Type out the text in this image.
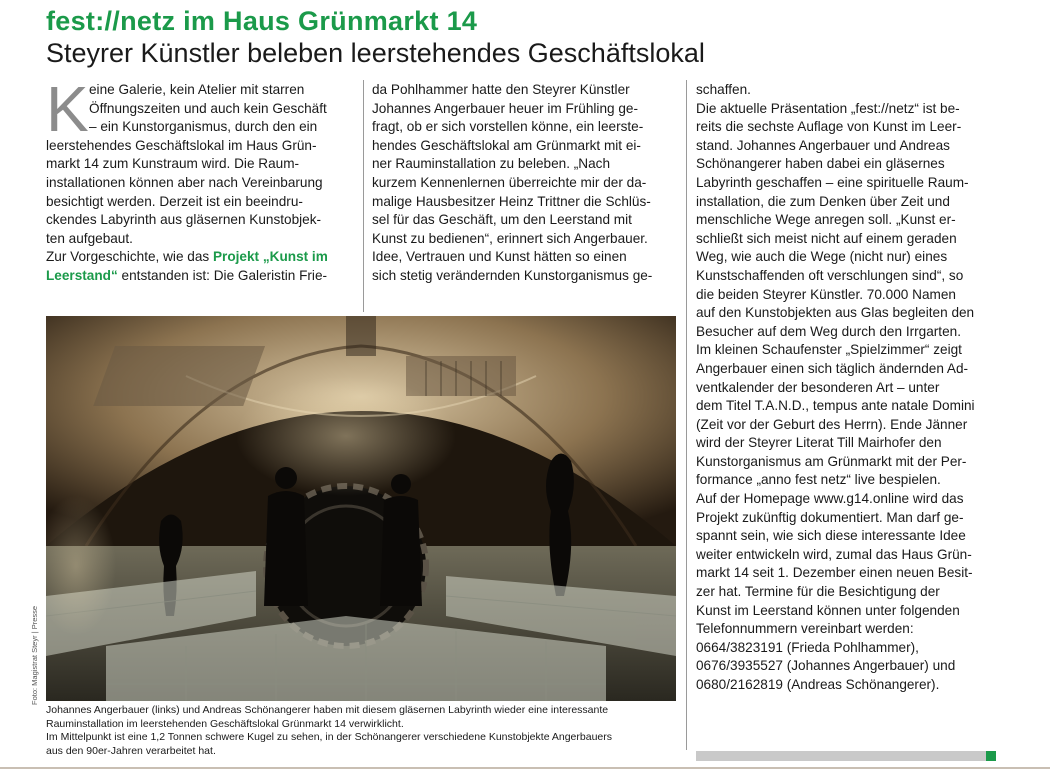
fest://netz im Haus Grünmarkt 14
Steyrer Künstler beleben leerstehendes Geschäftslokal
K eine Galerie, kein Atelier mit starren
Öffnungszeiten und auch kein Geschäft
– ein Kunstorganismus, durch den ein
leerstehendes Geschäftslokal im Haus Grün-
markt 14 zum Kunstraum wird. Die Raum-
installationen können aber nach Vereinbarung
besichtigt werden. Derzeit ist ein beeindru-
ckendes Labyrinth aus gläsernen Kunstobjek-
ten aufgebaut.
Zur Vorgeschichte, wie das Projekt „Kunst im
Leerstand“ entstanden ist: Die Galeristin Frie-
da Pohlhammer hatte den Steyrer Künstler
Johannes Angerbauer heuer im Frühling ge-
fragt, ob er sich vorstellen könne, ein leerste-
hendes Geschäftslokal am Grünmarkt mit ei-
ner Rauminstallation zu beleben. „Nach
kurzem Kennenlernen überreichte mir der da-
malige Hausbesitzer Heinz Trittner die Schlüs-
sel für das Geschäft, um den Leerstand mit
Kunst zu bedienen“, erinnert sich Angerbauer.
Idee, Vertrauen und Kunst hätten so einen
sich stetig verändernden Kunstorganismus ge-
schaffen.
Die aktuelle Präsentation „fest://netz“ ist be-
reits die sechste Auflage von Kunst im Leer-
stand. Johannes Angerbauer und Andreas
Schönangerer haben dabei ein gläsernes
Labyrinth geschaffen – eine spirituelle Raum-
installation, die zum Denken über Zeit und
menschliche Wege anregen soll. „Kunst er-
schließt sich meist nicht auf einem geraden
Weg, wie auch die Wege (nicht nur) eines
Kunstschaffenden oft verschlungen sind“, so
die beiden Steyrer Künstler. 70.000 Namen
auf den Kunstobjekten aus Glas begleiten den
Besucher auf dem Weg durch den Irrgarten.
Im kleinen Schaufenster „Spielzimmer“ zeigt
Angerbauer einen sich täglich ändernden Ad-
ventkalender der besonderen Art – unter
dem Titel T.A.N.D., tempus ante natale Domini
(Zeit vor der Geburt des Herrn). Ende Jänner
wird der Steyrer Literat Till Mairhofer den
Kunstorganismus am Grünmarkt mit der Per-
formance „anno fest netz“ live bespielen.
Auf der Homepage www.g14.online wird das
Projekt zukünftig dokumentiert. Man darf ge-
spannt sein, wie sich diese interessante Idee
weiter entwickeln wird, zumal das Haus Grün-
markt 14 seit 1. Dezember einen neuen Besit-
zer hat. Termine für die Besichtigung der
Kunst im Leerstand können unter folgenden
Telefonnummern vereinbart werden:
0664/3823191 (Frieda Pohlhammer),
0676/3935527 (Johannes Angerbauer) und
0680/2162819 (Andreas Schönangerer).
Foto: Magistrat Steyr | Presse
Johannes Angerbauer (links) und Andreas Schönangerer haben mit diesem gläsernen Labyrinth wieder eine interessante
Rauminstallation im leerstehenden Geschäftslokal Grünmarkt 14 verwirklicht.
Im Mittelpunkt ist eine 1,2 Tonnen schwere Kugel zu sehen, in der Schönangerer verschiedene Kunstobjekte Angerbauers
aus den 90er-Jahren verarbeitet hat.
